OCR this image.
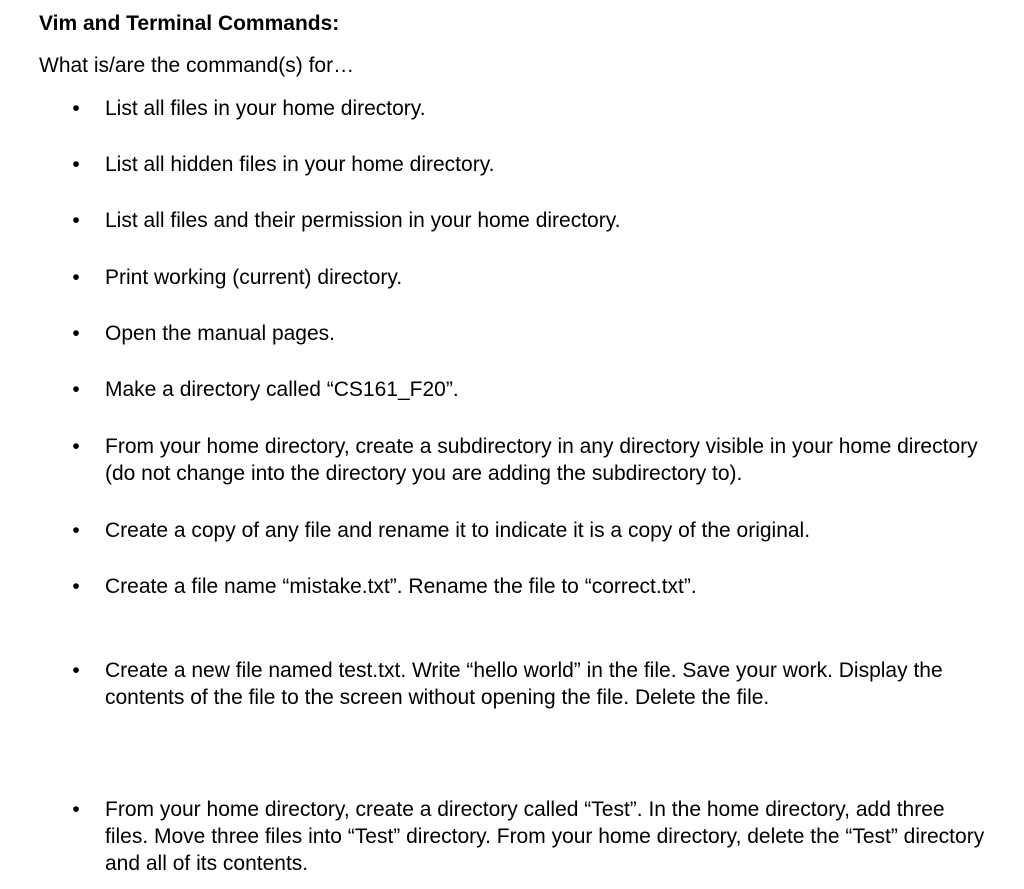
Vim and Terminal Commands:
What is/are the command(s) for…
• List all files in your home directory.
• List all hidden files in your home directory.
• List all files and their permission in your home directory.
• Print working (current) directory.
• Open the manual pages.
• Make a directory called “CS161_F20”.
• From your home directory, create a subdirectory in any directory visible in your home directory (do not change into the directory you are adding the subdirectory to).
• Create a copy of any file and rename it to indicate it is a copy of the original.
• Create a file name “mistake.txt”. Rename the file to “correct.txt”.
• Create a new file named test.txt. Write “hello world” in the file. Save your work. Display the contents of the file to the screen without opening the file. Delete the file.
• From your home directory, create a directory called “Test”. In the home directory, add three files. Move three files into “Test” directory. From your home directory, delete the “Test” directory and all of its contents.
